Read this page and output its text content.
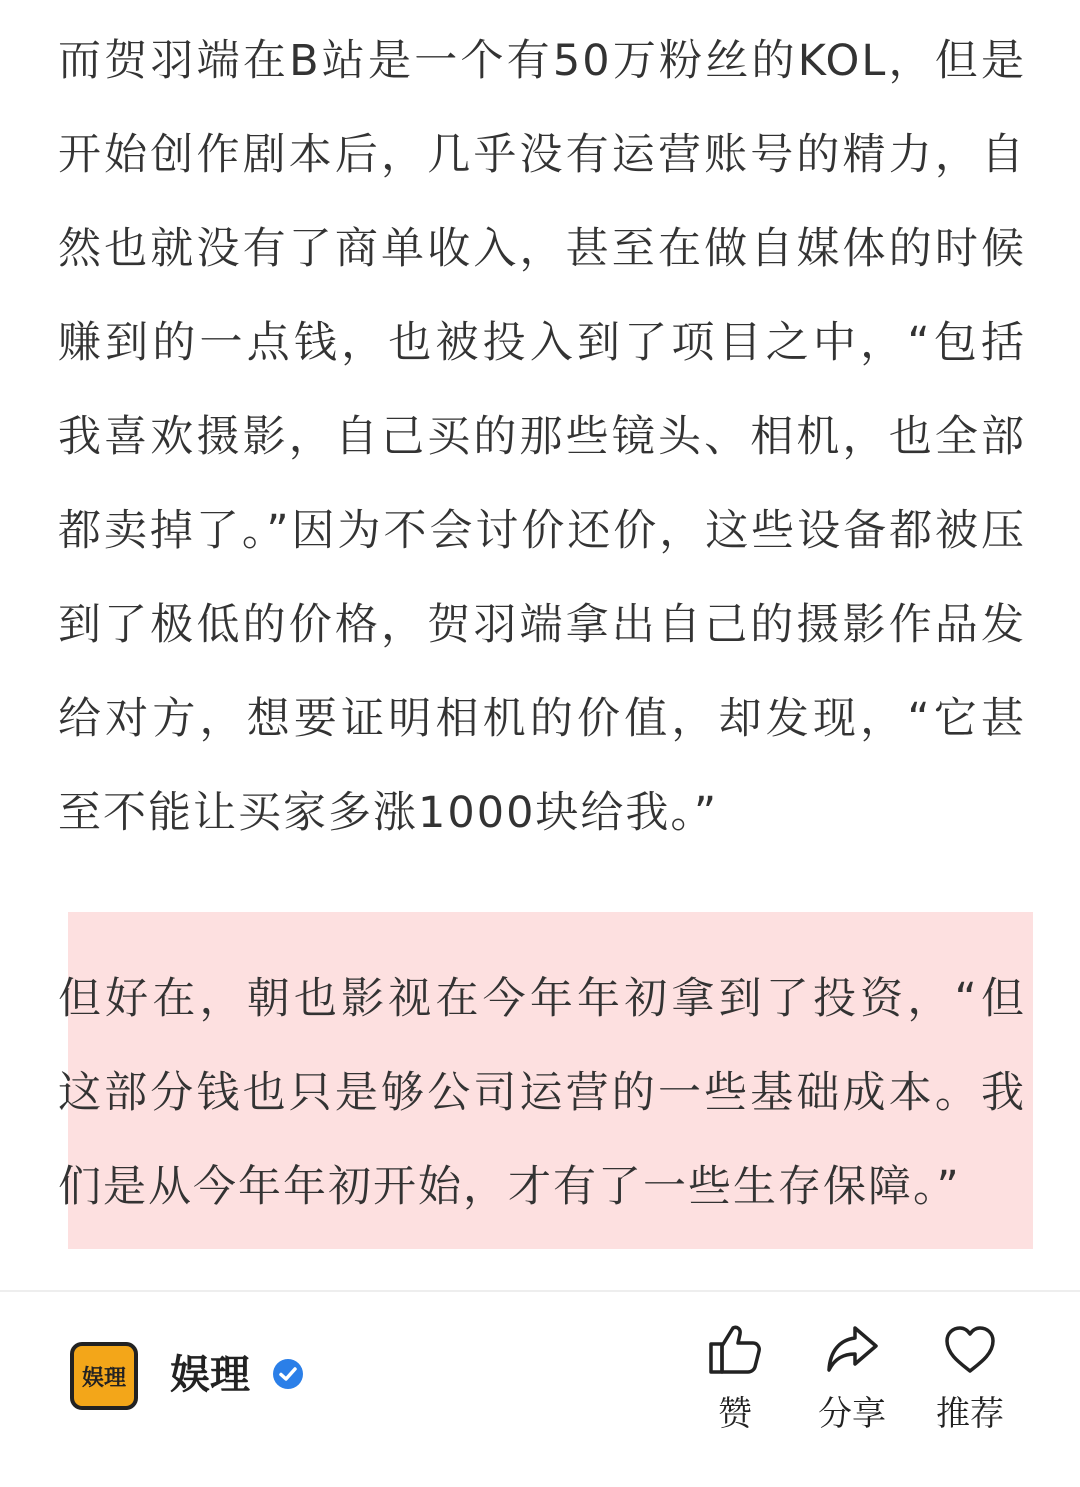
而贺羽端在B站是一个有50万粉丝的KOL，但是开始创作剧本后，几乎没有运营账号的精力，自然也就没有了商单收入，甚至在做自媒体的时候赚到的一点钱，也被投入到了项目之中，“包括我喜欢摄影，自己买的那些镜头、相机，也全部都卖掉了。”因为不会讨价还价，这些设备都被压到了极低的价格，贺羽端拿出自己的摄影作品发给对方，想要证明相机的价值，却发现，“它甚至不能让买家多涨1000块给我。”

但好在，朝也影视在今年年初拿到了投资，“但这部分钱也只是够公司运营的一些基础成本。我们是从今年年初开始，才有了一些生存保障。”

娱理 娱理
赞	分享	推荐
